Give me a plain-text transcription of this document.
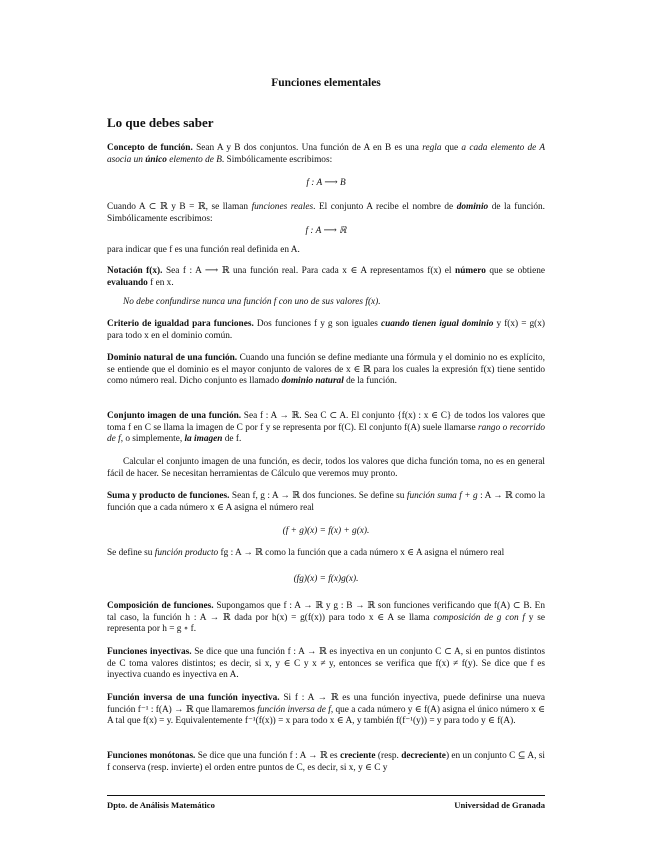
Funciones elementales
Lo que debes saber

Concepto de función. Sean A y B dos conjuntos. Una función de A en B es una regla que a cada elemento de A asocia un único elemento de B. Simbólicamente escribimos:

f : A ⟶ B

Cuando A ⊂ ℝ y B = ℝ, se llaman funciones reales. El conjunto A recibe el nombre de dominio de la función. Simbólicamente escribimos:

f : A ⟶ ℝ
para indicar que f es una función real definida en A.

Notación f(x). Sea f : A ⟶ ℝ una función real. Para cada x ∈ A representamos f(x) el número que se obtiene evaluando f en x.

No debe confundirse nunca una función f con uno de sus valores f(x).

Criterio de igualdad para funciones. Dos funciones f y g son iguales cuando tienen igual dominio y f(x) = g(x) para todo x en el dominio común.

Dominio natural de una función. Cuando una función se define mediante una fórmula y el dominio no es explícito, se entiende que el dominio es el mayor conjunto de valores de x ∈ ℝ para los cuales la expresión f(x) tiene sentido como número real. Dicho conjunto es llamado dominio natural de la función.

Conjunto imagen de una función. Sea f : A → ℝ. Sea C ⊂ A. El conjunto {f(x) : x ∈ C} de todos los valores que toma f en C se llama la imagen de C por f y se representa por f(C). El conjunto f(A) suele llamarse rango o recorrido de f, o simplemente, la imagen de f.

Calcular el conjunto imagen de una función, es decir, todos los valores que dicha función toma, no es en general fácil de hacer. Se necesitan herramientas de Cálculo que veremos muy pronto.

Suma y producto de funciones. Sean f, g : A → ℝ dos funciones. Se define su función suma f + g : A → ℝ como la función que a cada número x ∈ A asigna el número real

(f + g)(x) = f(x) + g(x).

Se define su función producto fg : A → ℝ como la función que a cada número x ∈ A asigna el número real

(fg)(x) = f(x)g(x).

Composición de funciones. Supongamos que f : A → ℝ y g : B → ℝ son funciones verificando que f(A) ⊂ B. En tal caso, la función h : A → ℝ dada por h(x) = g(f(x)) para todo x ∈ A se llama composición de g con f y se representa por h = g ∘ f.

Funciones inyectivas. Se dice que una función f : A → ℝ es inyectiva en un conjunto C ⊂ A, si en puntos distintos de C toma valores distintos; es decir, si x, y ∈ C y x ≠ y, entonces se verifica que f(x) ≠ f(y). Se dice que f es inyectiva cuando es inyectiva en A.

Función inversa de una función inyectiva. Si f : A → ℝ es una función inyectiva, puede definirse una nueva función f⁻¹ : f(A) → ℝ que llamaremos función inversa de f, que a cada número y ∈ f(A) asigna el único número x ∈ A tal que f(x) = y. Equivalentemente f⁻¹(f(x)) = x para todo x ∈ A, y también f(f⁻¹(y)) = y para todo y ∈ f(A).

Funciones monótonas. Se dice que una función f : A → ℝ es creciente (resp. decreciente) en un conjunto C ⊆ A, si f conserva (resp. invierte) el orden entre puntos de C, es decir, si x, y ∈ C y

Dpto. de Análisis Matemático	Universidad de Granada
